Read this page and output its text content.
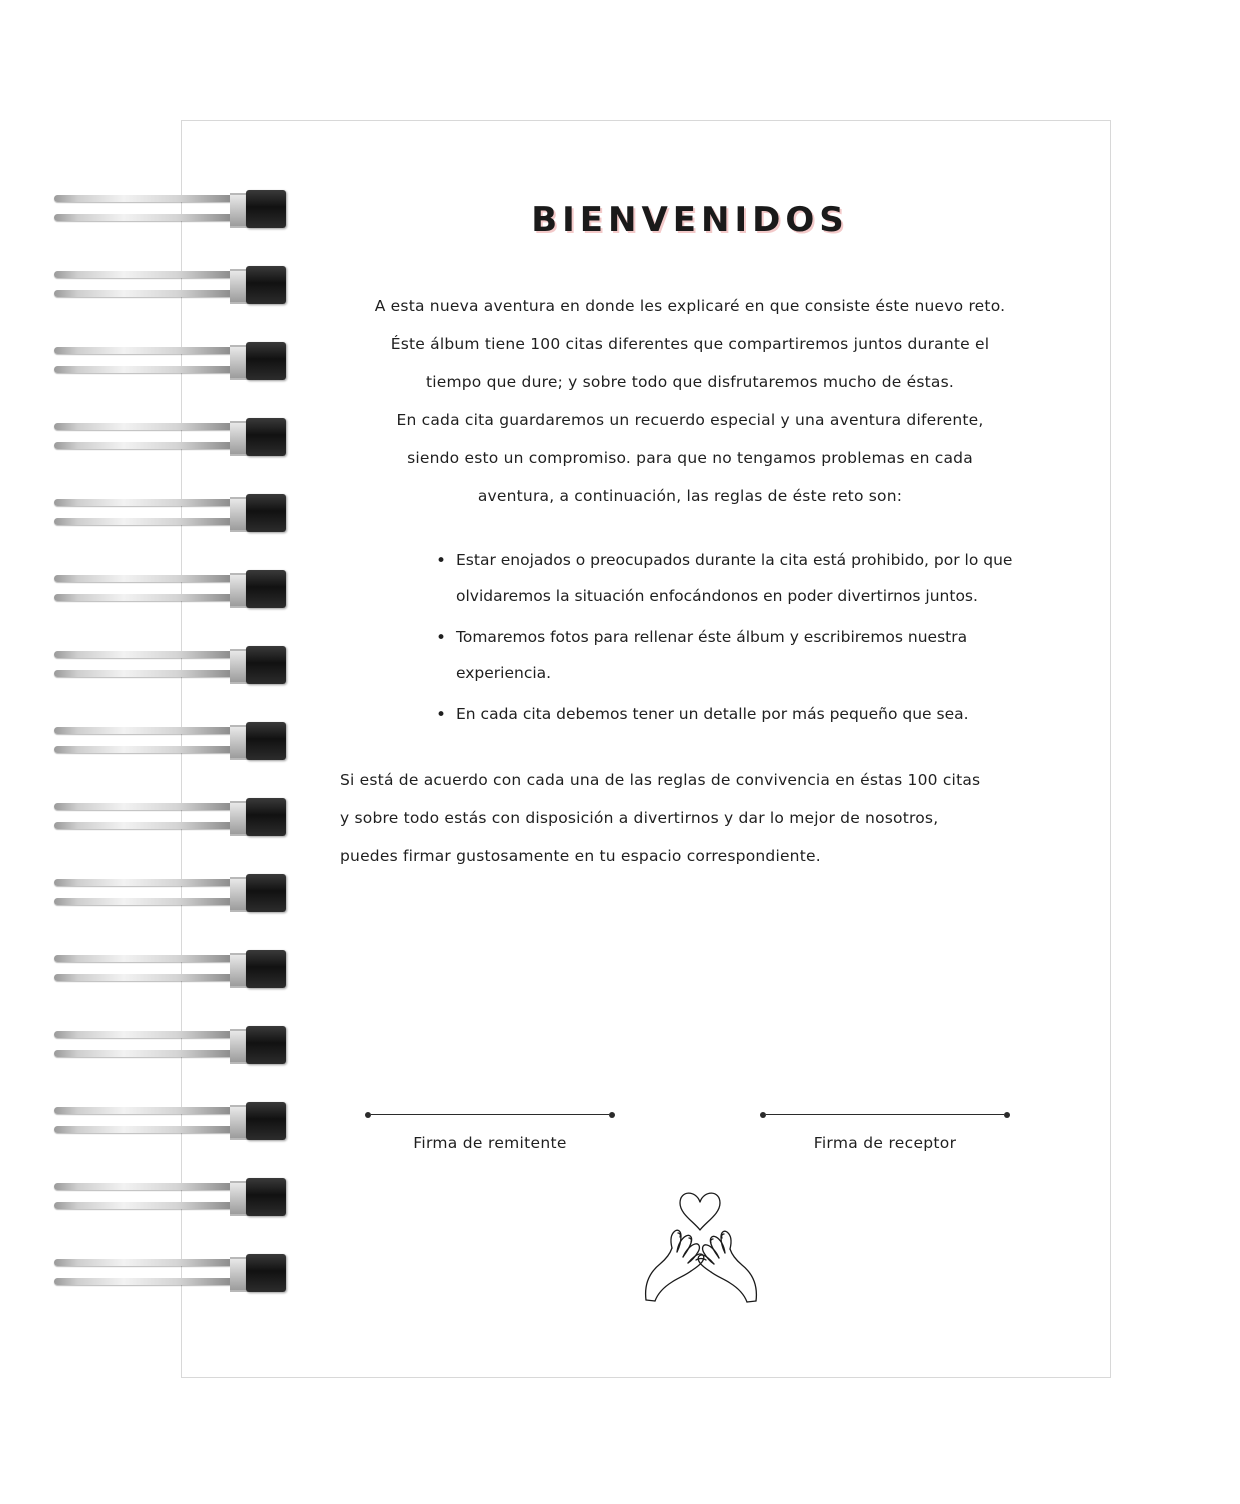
BIENVENIDOS

A esta nueva aventura en donde les explicaré en que consiste éste nuevo reto.
Éste álbum tiene 100 citas diferentes que compartiremos juntos durante el
tiempo que dure; y sobre todo que disfrutaremos mucho de éstas.
En cada cita guardaremos un recuerdo especial y una aventura diferente,
siendo esto un compromiso. para que no tengamos problemas en cada
aventura, a continuación, las reglas de éste reto son:

• Estar enojados o preocupados durante la cita está prohibido, por lo que olvidaremos la situación enfocándonos en poder divertirnos juntos.
• Tomaremos fotos para rellenar éste álbum y escribiremos nuestra experiencia.
• En cada cita debemos tener un detalle por más pequeño que sea.

Si está de acuerdo con cada una de las reglas de convivencia en éstas 100 citas
y sobre todo estás con disposición a divertirnos y dar lo mejor de nosotros,
puedes firmar gustosamente en tu espacio correspondiente.

Firma de remitente	Firma de receptor
